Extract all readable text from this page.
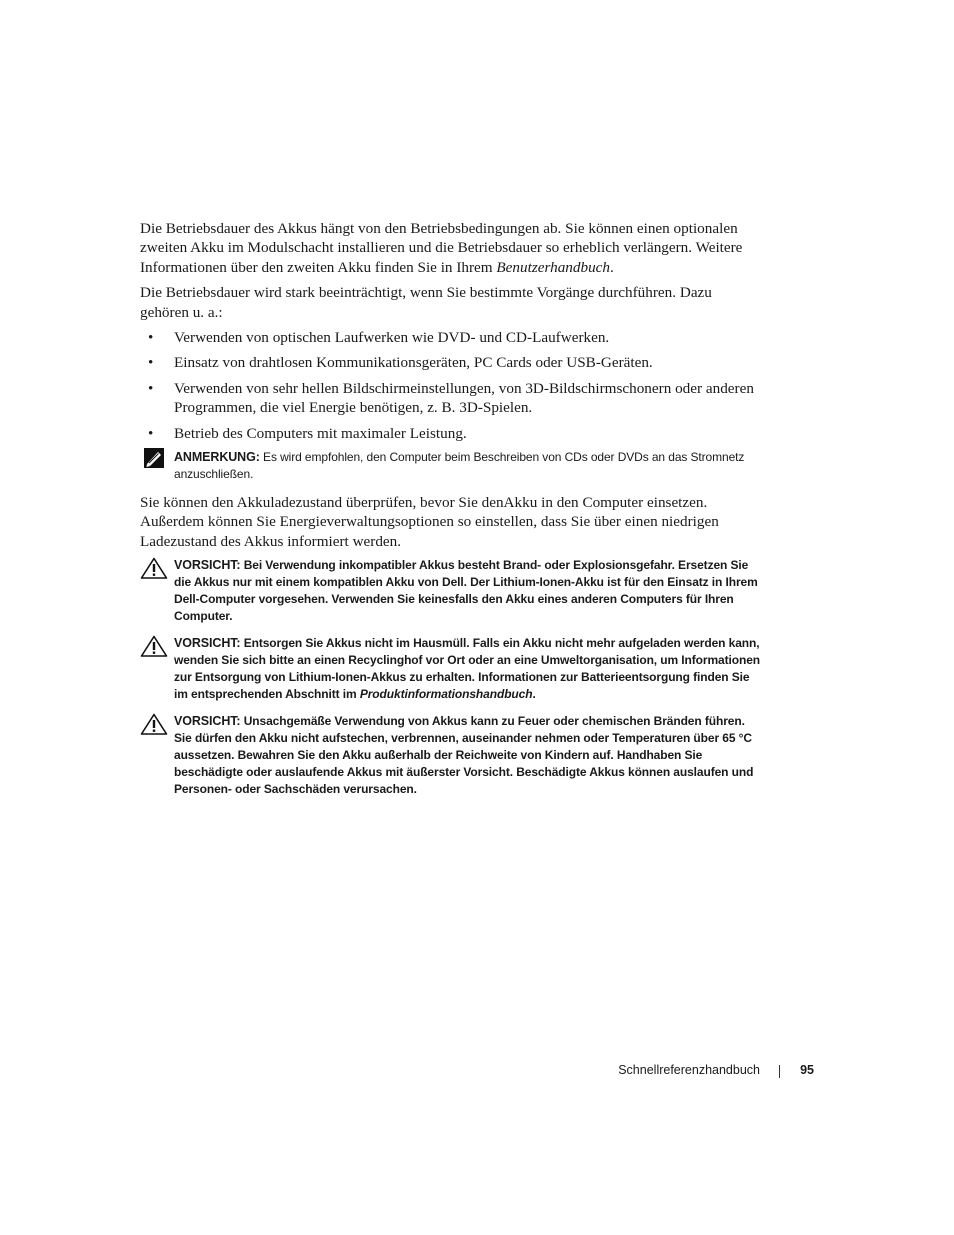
Die Betriebsdauer des Akkus hängt von den Betriebsbedingungen ab. Sie können einen optionalen zweiten Akku im Modulschacht installieren und die Betriebsdauer so erheblich verlängern. Weitere Informationen über den zweiten Akku finden Sie in Ihrem Benutzerhandbuch.

Die Betriebsdauer wird stark beeinträchtigt, wenn Sie bestimmte Vorgänge durchführen. Dazu gehören u. a.:

• Verwenden von optischen Laufwerken wie DVD- und CD-Laufwerken.
• Einsatz von drahtlosen Kommunikationsgeräten, PC Cards oder USB-Geräten.
• Verwenden von sehr hellen Bildschirmeinstellungen, von 3D-Bildschirmschonern oder anderen Programmen, die viel Energie benötigen, z. B. 3D-Spielen.
• Betrieb des Computers mit maximaler Leistung.
ANMERKUNG: Es wird empfohlen, den Computer beim Beschreiben von CDs oder DVDs an das Stromnetz anzuschließen.

Sie können den Akkuladezustand überprüfen, bevor Sie denAkku in den Computer einsetzen. Außerdem können Sie Energieverwaltungsoptionen so einstellen, dass Sie über einen niedrigen Ladezustand des Akkus informiert werden.

VORSICHT: Bei Verwendung inkompatibler Akkus besteht Brand- oder Explosionsgefahr. Ersetzen Sie die Akkus nur mit einem kompatiblen Akku von Dell. Der Lithium-Ionen-Akku ist für den Einsatz in Ihrem Dell-Computer vorgesehen. Verwenden Sie keinesfalls den Akku eines anderen Computers für Ihren Computer.
VORSICHT: Entsorgen Sie Akkus nicht im Hausmüll. Falls ein Akku nicht mehr aufgeladen werden kann, wenden Sie sich bitte an einen Recyclinghof vor Ort oder an eine Umweltorganisation, um Informationen zur Entsorgung von Lithium-Ionen-Akkus zu erhalten. Informationen zur Batterieentsorgung finden Sie im entsprechenden Abschnitt im Produktinformationshandbuch.
VORSICHT: Unsachgemäße Verwendung von Akkus kann zu Feuer oder chemischen Bränden führen. Sie dürfen den Akku nicht aufstechen, verbrennen, auseinander nehmen oder Temperaturen über 65 °C aussetzen. Bewahren Sie den Akku außerhalb der Reichweite von Kindern auf. Handhaben Sie beschädigte oder auslaufende Akkus mit äußerster Vorsicht. Beschädigte Akkus können auslaufen und Personen- oder Sachschäden verursachen.
Schnellreferenzhandbuch	95
